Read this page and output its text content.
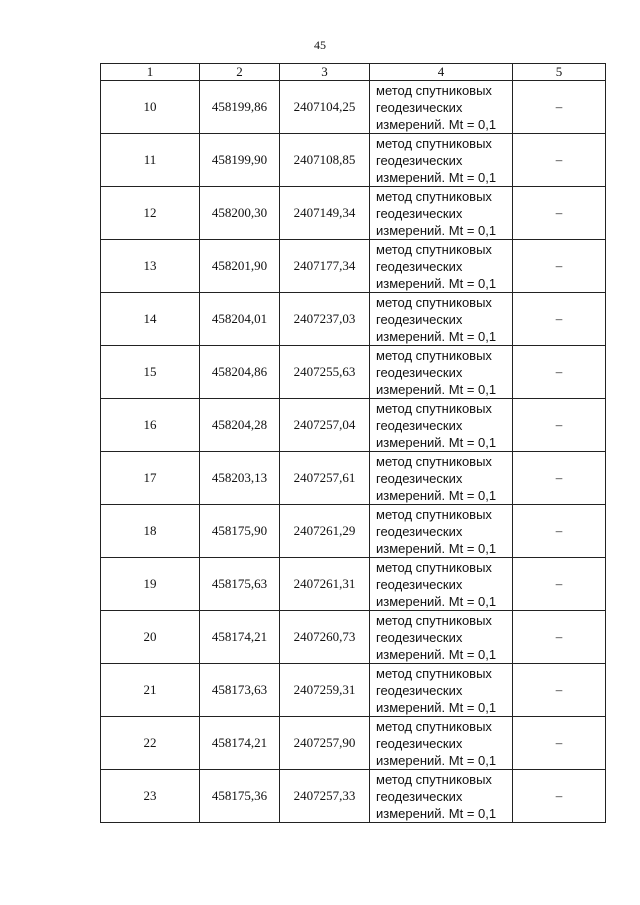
45
1	2	3	4	5
10	458199,86	2407104,25	метод спутниковых
геодезических
измерений. Mt = 0,1	–
11	458199,90	2407108,85	метод спутниковых
геодезических
измерений. Mt = 0,1	–
12	458200,30	2407149,34	метод спутниковых
геодезических
измерений. Mt = 0,1	–
13	458201,90	2407177,34	метод спутниковых
геодезических
измерений. Mt = 0,1	–
14	458204,01	2407237,03	метод спутниковых
геодезических
измерений. Mt = 0,1	–
15	458204,86	2407255,63	метод спутниковых
геодезических
измерений. Mt = 0,1	–
16	458204,28	2407257,04	метод спутниковых
геодезических
измерений. Mt = 0,1	–
17	458203,13	2407257,61	метод спутниковых
геодезических
измерений. Mt = 0,1	–
18	458175,90	2407261,29	метод спутниковых
геодезических
измерений. Mt = 0,1	–
19	458175,63	2407261,31	метод спутниковых
геодезических
измерений. Mt = 0,1	–
20	458174,21	2407260,73	метод спутниковых
геодезических
измерений. Mt = 0,1	–
21	458173,63	2407259,31	метод спутниковых
геодезических
измерений. Mt = 0,1	–
22	458174,21	2407257,90	метод спутниковых
геодезических
измерений. Mt = 0,1	–
23	458175,36	2407257,33	метод спутниковых
геодезических
измерений. Mt = 0,1	–
